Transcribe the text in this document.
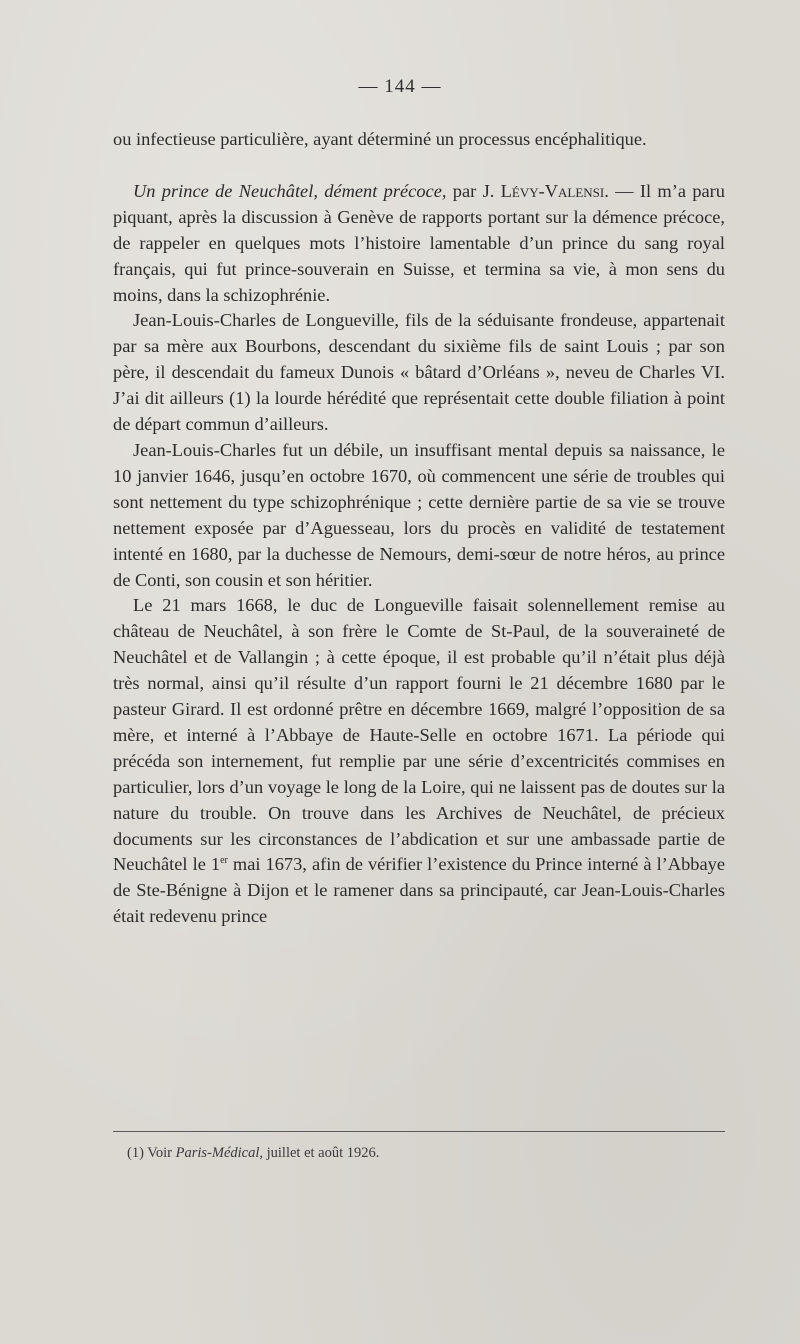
— 144 —

ou infectieuse particulière, ayant déterminé un processus encéphalitique.

Un prince de Neuchâtel, dément précoce, par J. Lévy-Valensi. — Il m’a paru piquant, après la discussion à Genève de rapports portant sur la démence précoce, de rappeler en quelques mots l’histoire lamentable d’un prince du sang royal français, qui fut prince-souverain en Suisse, et termina sa vie, à mon sens du moins, dans la schizophrénie.

Jean-Louis-Charles de Longueville, fils de la séduisante frondeuse, appartenait par sa mère aux Bourbons, descendant du sixième fils de saint Louis ; par son père, il descendait du fameux Dunois « bâtard d’Orléans », neveu de Charles VI. J’ai dit ailleurs (1) la lourde hérédité que représentait cette double filiation à point de départ commun d’ailleurs.

Jean-Louis-Charles fut un débile, un insuffisant mental depuis sa naissance, le 10 janvier 1646, jusqu’en octobre 1670, où commencent une série de troubles qui sont nettement du type schizophrénique ; cette dernière partie de sa vie se trouve nettement exposée par d’Aguesseau, lors du procès en validité de testatement intenté en 1680, par la duchesse de Nemours, demi-sœur de notre héros, au prince de Conti, son cousin et son héritier.

Le 21 mars 1668, le duc de Longueville faisait solennellement remise au château de Neuchâtel, à son frère le Comte de St-Paul, de la souveraineté de Neuchâtel et de Vallangin ; à cette époque, il est probable qu’il n’était plus déjà très normal, ainsi qu’il résulte d’un rapport fourni le 21 décembre 1680 par le pasteur Girard. Il est ordonné prêtre en décembre 1669, malgré l’opposition de sa mère, et interné à l’Abbaye de Haute-Selle en octobre 1671. La période qui précéda son internement, fut remplie par une série d’excentricités commises en particulier, lors d’un voyage le long de la Loire, qui ne laissent pas de doutes sur la nature du trouble. On trouve dans les Archives de Neuchâtel, de précieux documents sur les circonstances de l’abdication et sur une ambassade partie de Neuchâtel le 1er mai 1673, afin de vérifier l’existence du Prince interné à l’Abbaye de Ste-Bénigne à Dijon et le ramener dans sa principauté, car Jean-Louis-Charles était redevenu prince

(1) Voir Paris-Médical, juillet et août 1926.
